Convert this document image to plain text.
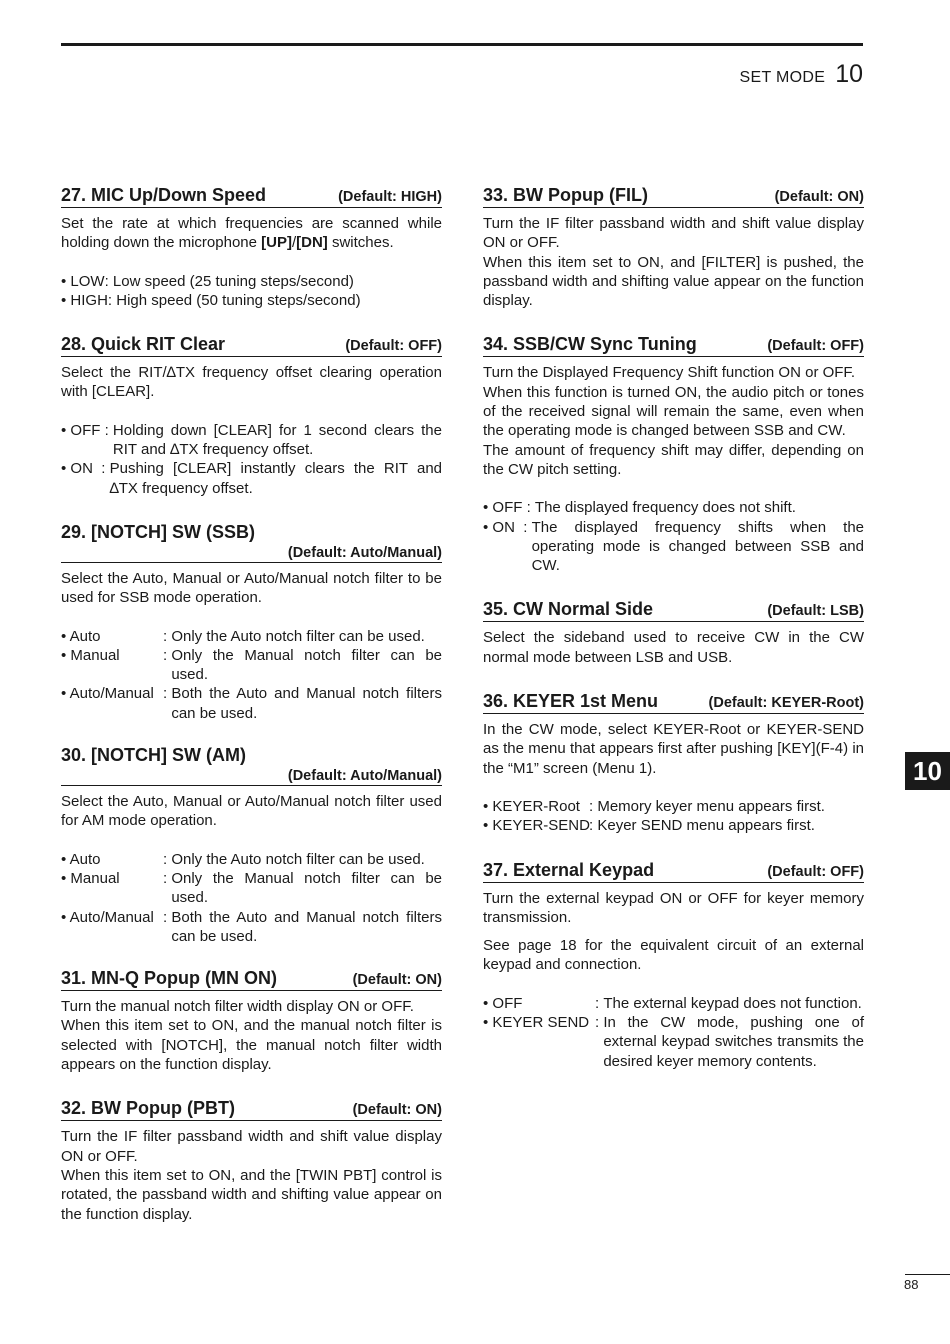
SET MODE 10
27. MIC Up/Down Speed	(Default: HIGH)

Set the rate at which frequencies are scanned while holding down the microphone [UP]/[DN] switches.

• LOW : Low speed (25 tuning steps/second)
• HIGH : High speed (50 tuning steps/second)
28. Quick RIT Clear	(Default: OFF)

Select the RIT/∆TX frequency offset clearing operation with [CLEAR].

• OFF : Holding down [CLEAR] for 1 second clears the RIT and ∆TX frequency offset.
• ON  : Pushing [CLEAR] instantly clears the RIT and ∆TX frequency offset.
29. [NOTCH] SW (SSB)
(Default: Auto/Manual)

Select the Auto, Manual or Auto/Manual notch filter to be used for SSB mode operation.

• Auto	: Only the Auto notch filter can be used.
• Manual	: Only the Manual notch filter can be used.
• Auto/Manual : Both the Auto and Manual notch filters can be used.
30. [NOTCH] SW (AM)
(Default: Auto/Manual)

Select the Auto, Manual or Auto/Manual notch filter used for AM mode operation.

• Auto	: Only the Auto notch filter can be used.
• Manual	: Only the Manual notch filter can be used.
• Auto/Manual : Both the Auto and Manual notch filters can be used.
31. MN-Q Popup (MN ON)	(Default: ON)

Turn the manual notch filter width display ON or OFF.

When this item set to ON, and the manual notch filter is selected with [NOTCH], the manual notch filter width appears on the function display.

32. BW Popup (PBT)	(Default: ON)

Turn the IF filter passband width and shift value display ON or OFF.

When this item set to ON, and the [TWIN PBT] control is rotated, the passband width and shifting value appear on the function display.

33. BW Popup (FIL)	(Default: ON)

Turn the IF filter passband width and shift value display ON or OFF.

When this item set to ON, and [FILTER] is pushed, the passband width and shifting value appear on the function display.

34. SSB/CW Sync Tuning	(Default: OFF)

Turn the Displayed Frequency Shift function ON or OFF.

When this function is turned ON, the audio pitch or tones of the received signal will remain the same, even when the operating mode is changed between SSB and CW.

The amount of frequency shift may differ, depending on the CW pitch setting.

• OFF : The displayed frequency does not shift.
• ON  : The displayed frequency shifts when the operating mode is changed between SSB and CW.
35. CW Normal Side	(Default: LSB)

Select the sideband used to receive CW in the CW normal mode between LSB and USB.

36. KEYER 1st Menu	(Default: KEYER-Root)

In the CW mode, select KEYER-Root or KEYER-SEND as the menu that appears first after pushing [KEY](F-4) in the “M1” screen (Menu 1).

• KEYER-Root : Memory keyer menu appears first.
• KEYER-SEND : Keyer SEND menu appears first.
37. External Keypad	(Default: OFF)

Turn the external keypad ON or OFF for keyer memory transmission.

See page 18 for the equivalent circuit of an external keypad and connection.

• OFF	: The external keypad does not function.
• KEYER SEND : In the CW mode, pushing one of external keypad switches transmits the desired keyer memory contents.
10
88
